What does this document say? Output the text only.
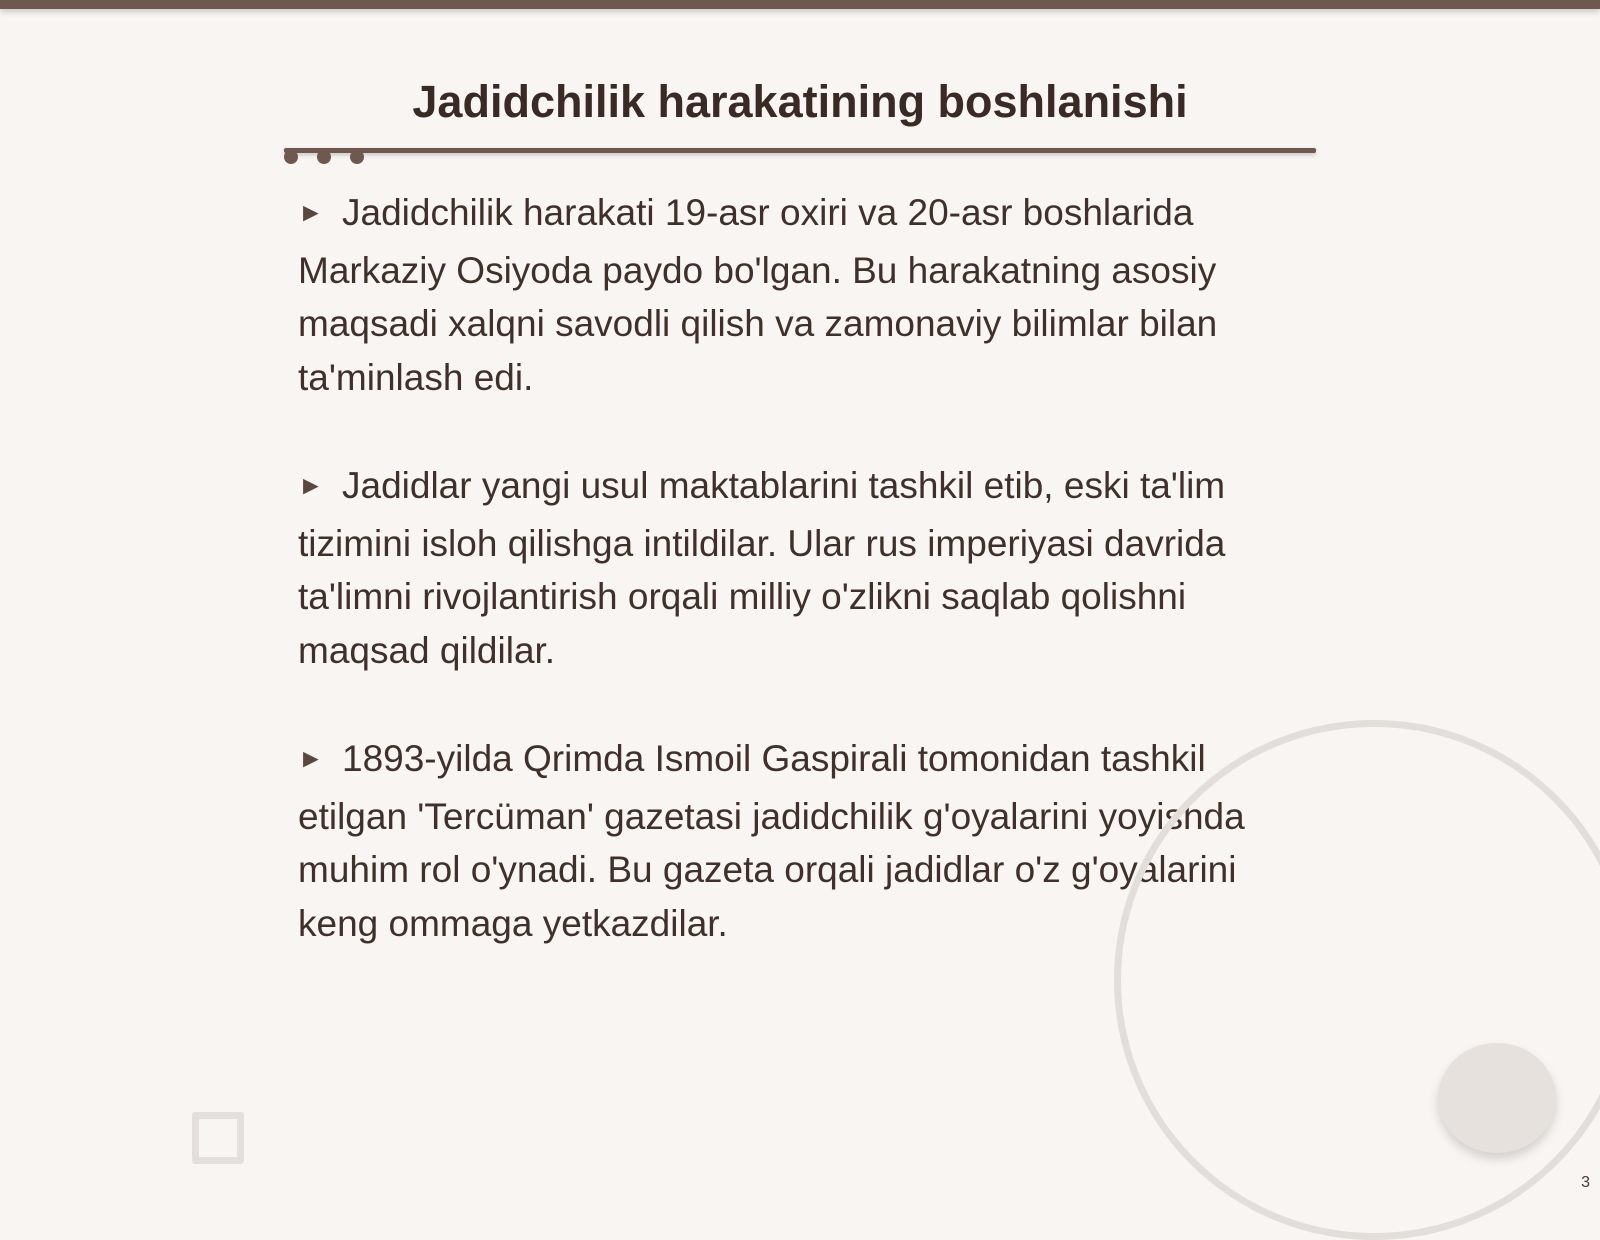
Jadidchilik harakatining boshlanishi

► Jadidchilik harakati 19-asr oxiri va 20-asr boshlarida Markaziy Osiyoda paydo bo'lgan. Bu harakatning asosiy maqsadi xalqni savodli qilish va zamonaviy bilimlar bilan ta'minlash edi.

► Jadidlar yangi usul maktablarini tashkil etib, eski ta'lim tizimini isloh qilishga intildilar. Ular rus imperiyasi davrida ta'limni rivojlantirish orqali milliy o'zlikni saqlab qolishni maqsad qildilar.

► 1893-yilda Qrimda Ismoil Gaspirali tomonidan tashkil etilgan 'Tercüman' gazetasi jadidchilik g'oyalarini yoyishda muhim rol o'ynadi. Bu gazeta orqali jadidlar o'z g'oyalarini keng ommaga yetkazdilar.

3
